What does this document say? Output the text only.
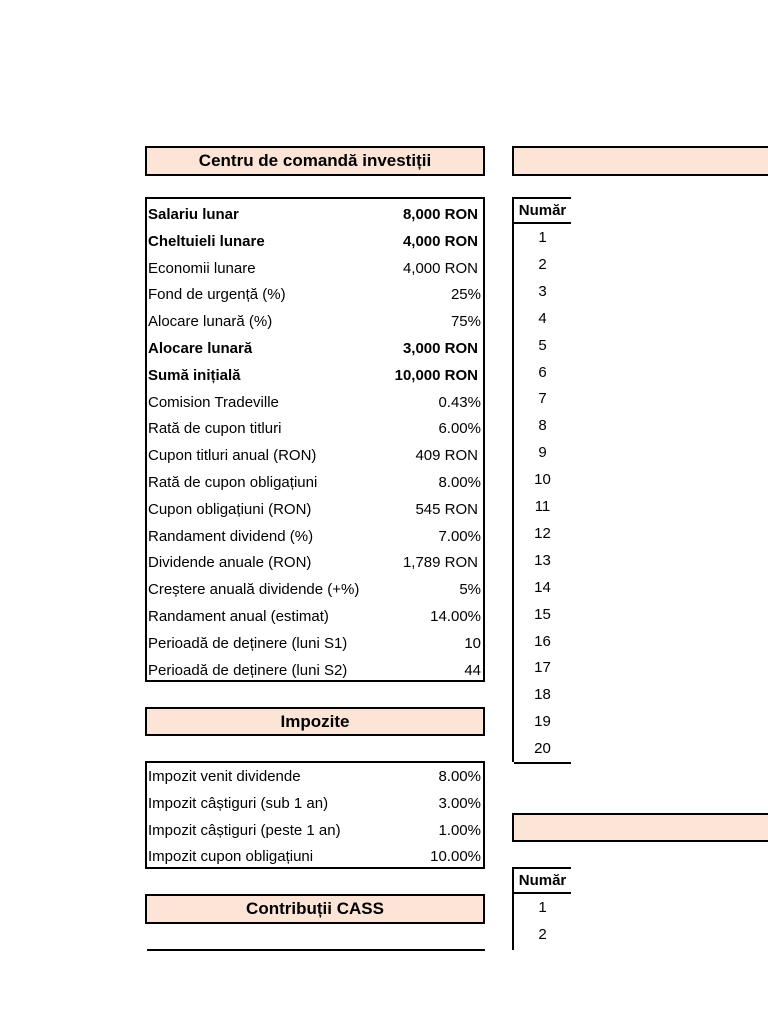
Centru de comandă investiții
Salariu lunar	8,000 RON
Cheltuieli lunare	4,000 RON
Economii lunare	4,000 RON
Fond de urgență (%)	25%
Alocare lunară (%)	75%
Alocare lunară	3,000 RON
Sumă inițială	10,000 RON
Comision Tradeville	0.43%
Rată de cupon titluri	6.00%
Cupon titluri anual (RON)	409 RON
Rată de cupon obligațiuni	8.00%
Cupon obligațiuni (RON)	545 RON
Randament dividend (%)	7.00%
Dividende anuale (RON)	1,789 RON
Creștere anuală dividende (+%)	5%
Randament anual (estimat)	14.00%
Perioadă de deținere (luni S1)	10
Perioadă de deținere (luni S2)	44
Impozite
Impozit venit dividende	8.00%
Impozit câștiguri (sub 1 an)	3.00%
Impozit câștiguri (peste 1 an)	1.00%
Impozit cupon obligațiuni	10.00%
Contribuții CASS
Număr
1
2
3
4
5
6
7
8
9
10
11
12
13
14
15
16
17
18
19
20
Număr
1
2
